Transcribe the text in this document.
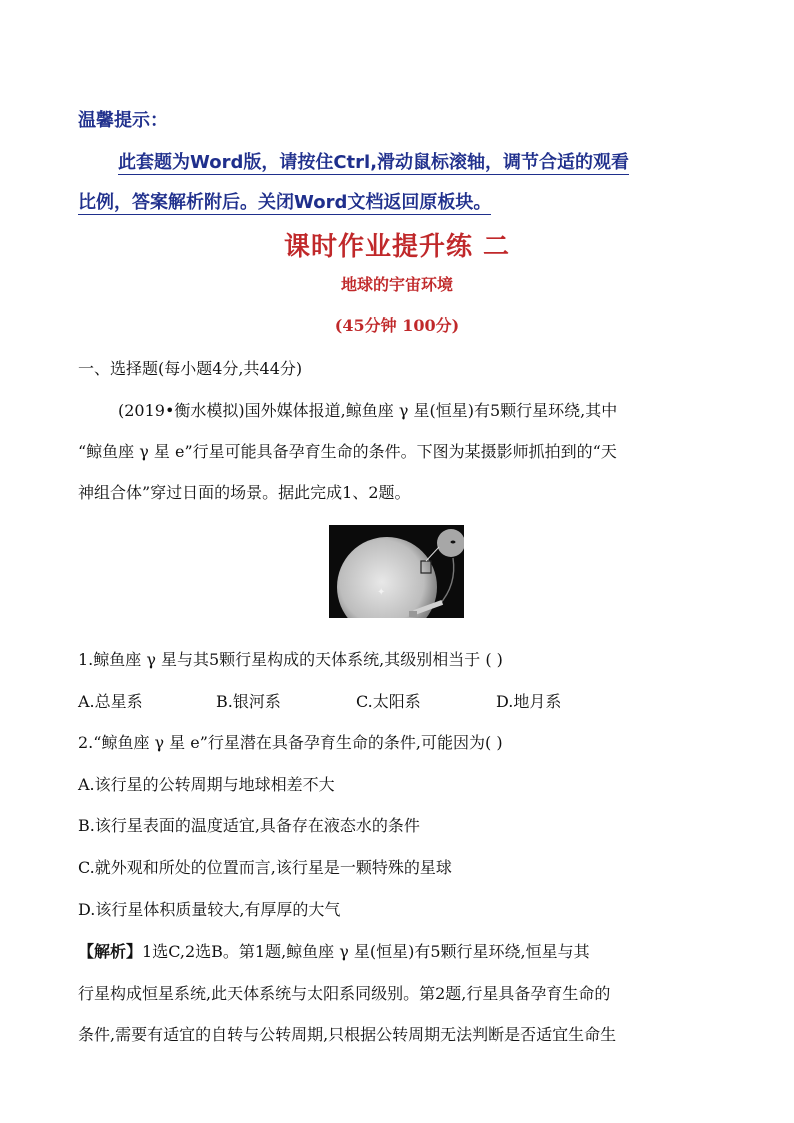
温馨提示：
此套题为Word版，请按住Ctrl,滑动鼠标滚轴，调节合适的观看
比例，答案解析附后。关闭Word文档返回原板块。
课时作业提升练 二
地球的宇宙环境
(45分钟 100分)
一、选择题(每小题4分,共44分)
(2019•衡水模拟)国外媒体报道,鲸鱼座 γ 星(恒星)有5颗行星环绕,其中
“鲸鱼座 γ 星 e”行星可能具备孕育生命的条件。下图为某摄影师抓拍到的“天
神组合体”穿过日面的场景。据此完成1、2题。
✦
1.鲸鱼座 γ 星与其5颗行星构成的天体系统,其级别相当于 ( )
A.总星系	B.银河系	C.太阳系	D.地月系
2.“鲸鱼座 γ 星 e”行星潜在具备孕育生命的条件,可能因为( )
A.该行星的公转周期与地球相差不大
B.该行星表面的温度适宜,具备存在液态水的条件
C.就外观和所处的位置而言,该行星是一颗特殊的星球
D.该行星体积质量较大,有厚厚的大气
【解析】1选C,2选B。第1题,鲸鱼座 γ 星(恒星)有5颗行星环绕,恒星与其
行星构成恒星系统,此天体系统与太阳系同级别。第2题,行星具备孕育生命的
条件,需要有适宜的自转与公转周期,只根据公转周期无法判断是否适宜生命生
